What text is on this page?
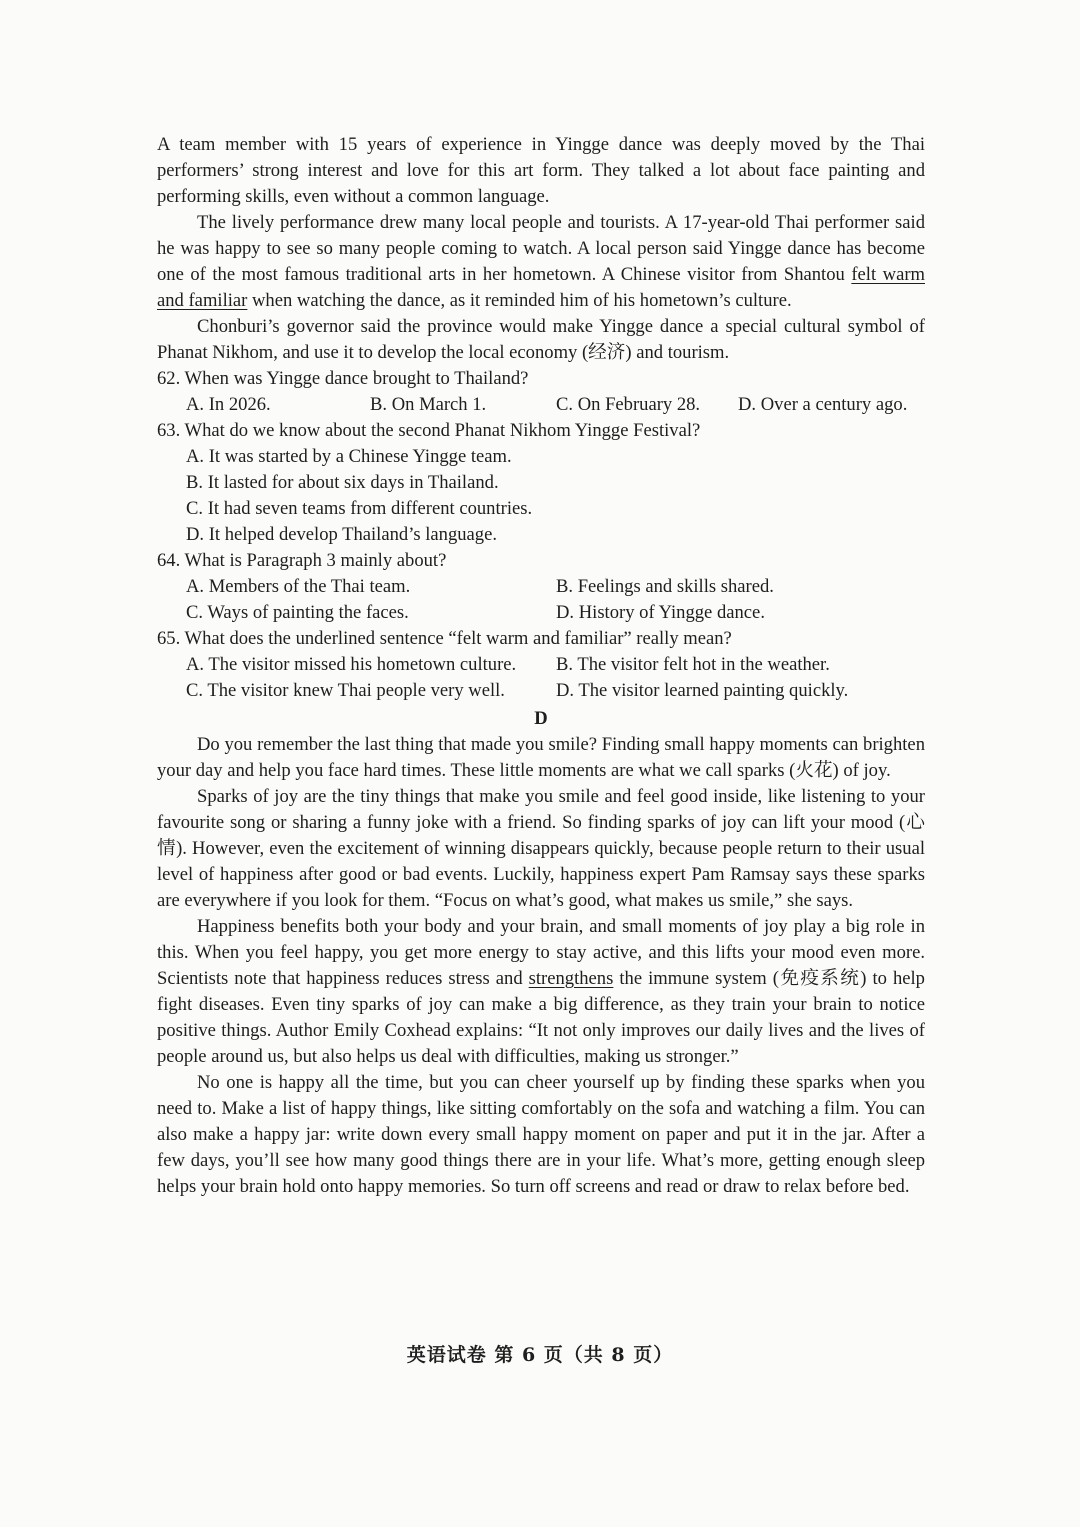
A team member with 15 years of experience in Yingge dance was deeply moved by the Thai performers’ strong interest and love for this art form. They talked a lot about face painting and performing skills, even without a common language.

The lively performance drew many local people and tourists. A 17-year-old Thai performer said he was happy to see so many people coming to watch. A local person said Yingge dance has become one of the most famous traditional arts in her hometown. A Chinese visitor from Shantou felt warm and familiar when watching the dance, as it reminded him of his hometown’s culture.

Chonburi’s governor said the province would make Yingge dance a special cultural symbol of Phanat Nikhom, and use it to develop the local economy (经济) and tourism.

62. When was Yingge dance brought to Thailand?
A. In 2026.	B. On March 1.	C. On February 28.	D. Over a century ago.
63. What do we know about the second Phanat Nikhom Yingge Festival?
A. It was started by a Chinese Yingge team.
B. It lasted for about six days in Thailand.
C. It had seven teams from different countries.
D. It helped develop Thailand’s language.
64. What is Paragraph 3 mainly about?
A. Members of the Thai team.	B. Feelings and skills shared.
C. Ways of painting the faces.	D. History of Yingge dance.
65. What does the underlined sentence “felt warm and familiar” really mean?
A. The visitor missed his hometown culture.	B. The visitor felt hot in the weather.
C. The visitor knew Thai people very well.	D. The visitor learned painting quickly.
D

Do you remember the last thing that made you smile? Finding small happy moments can brighten your day and help you face hard times. These little moments are what we call sparks (火花) of joy.

Sparks of joy are the tiny things that make you smile and feel good inside, like listening to your favourite song or sharing a funny joke with a friend. So finding sparks of joy can lift your mood (心情). However, even the excitement of winning disappears quickly, because people return to their usual level of happiness after good or bad events. Luckily, happiness expert Pam Ramsay says these sparks are everywhere if you look for them. “Focus on what’s good, what makes us smile,” she says.

Happiness benefits both your body and your brain, and small moments of joy play a big role in this. When you feel happy, you get more energy to stay active, and this lifts your mood even more. Scientists note that happiness reduces stress and strengthens the immune system (免疫系统) to help fight diseases. Even tiny sparks of joy can make a big difference, as they train your brain to notice positive things. Author Emily Coxhead explains: “It not only improves our daily lives and the lives of people around us, but also helps us deal with difficulties, making us stronger.”

No one is happy all the time, but you can cheer yourself up by finding these sparks when you need to. Make a list of happy things, like sitting comfortably on the sofa and watching a film. You can also make a happy jar: write down every small happy moment on paper and put it in the jar. After a few days, you’ll see how many good things there are in your life. What’s more, getting enough sleep helps your brain hold onto happy memories. So turn off screens and read or draw to relax before bed.

英语试卷 第 6 页（共 8 页）
